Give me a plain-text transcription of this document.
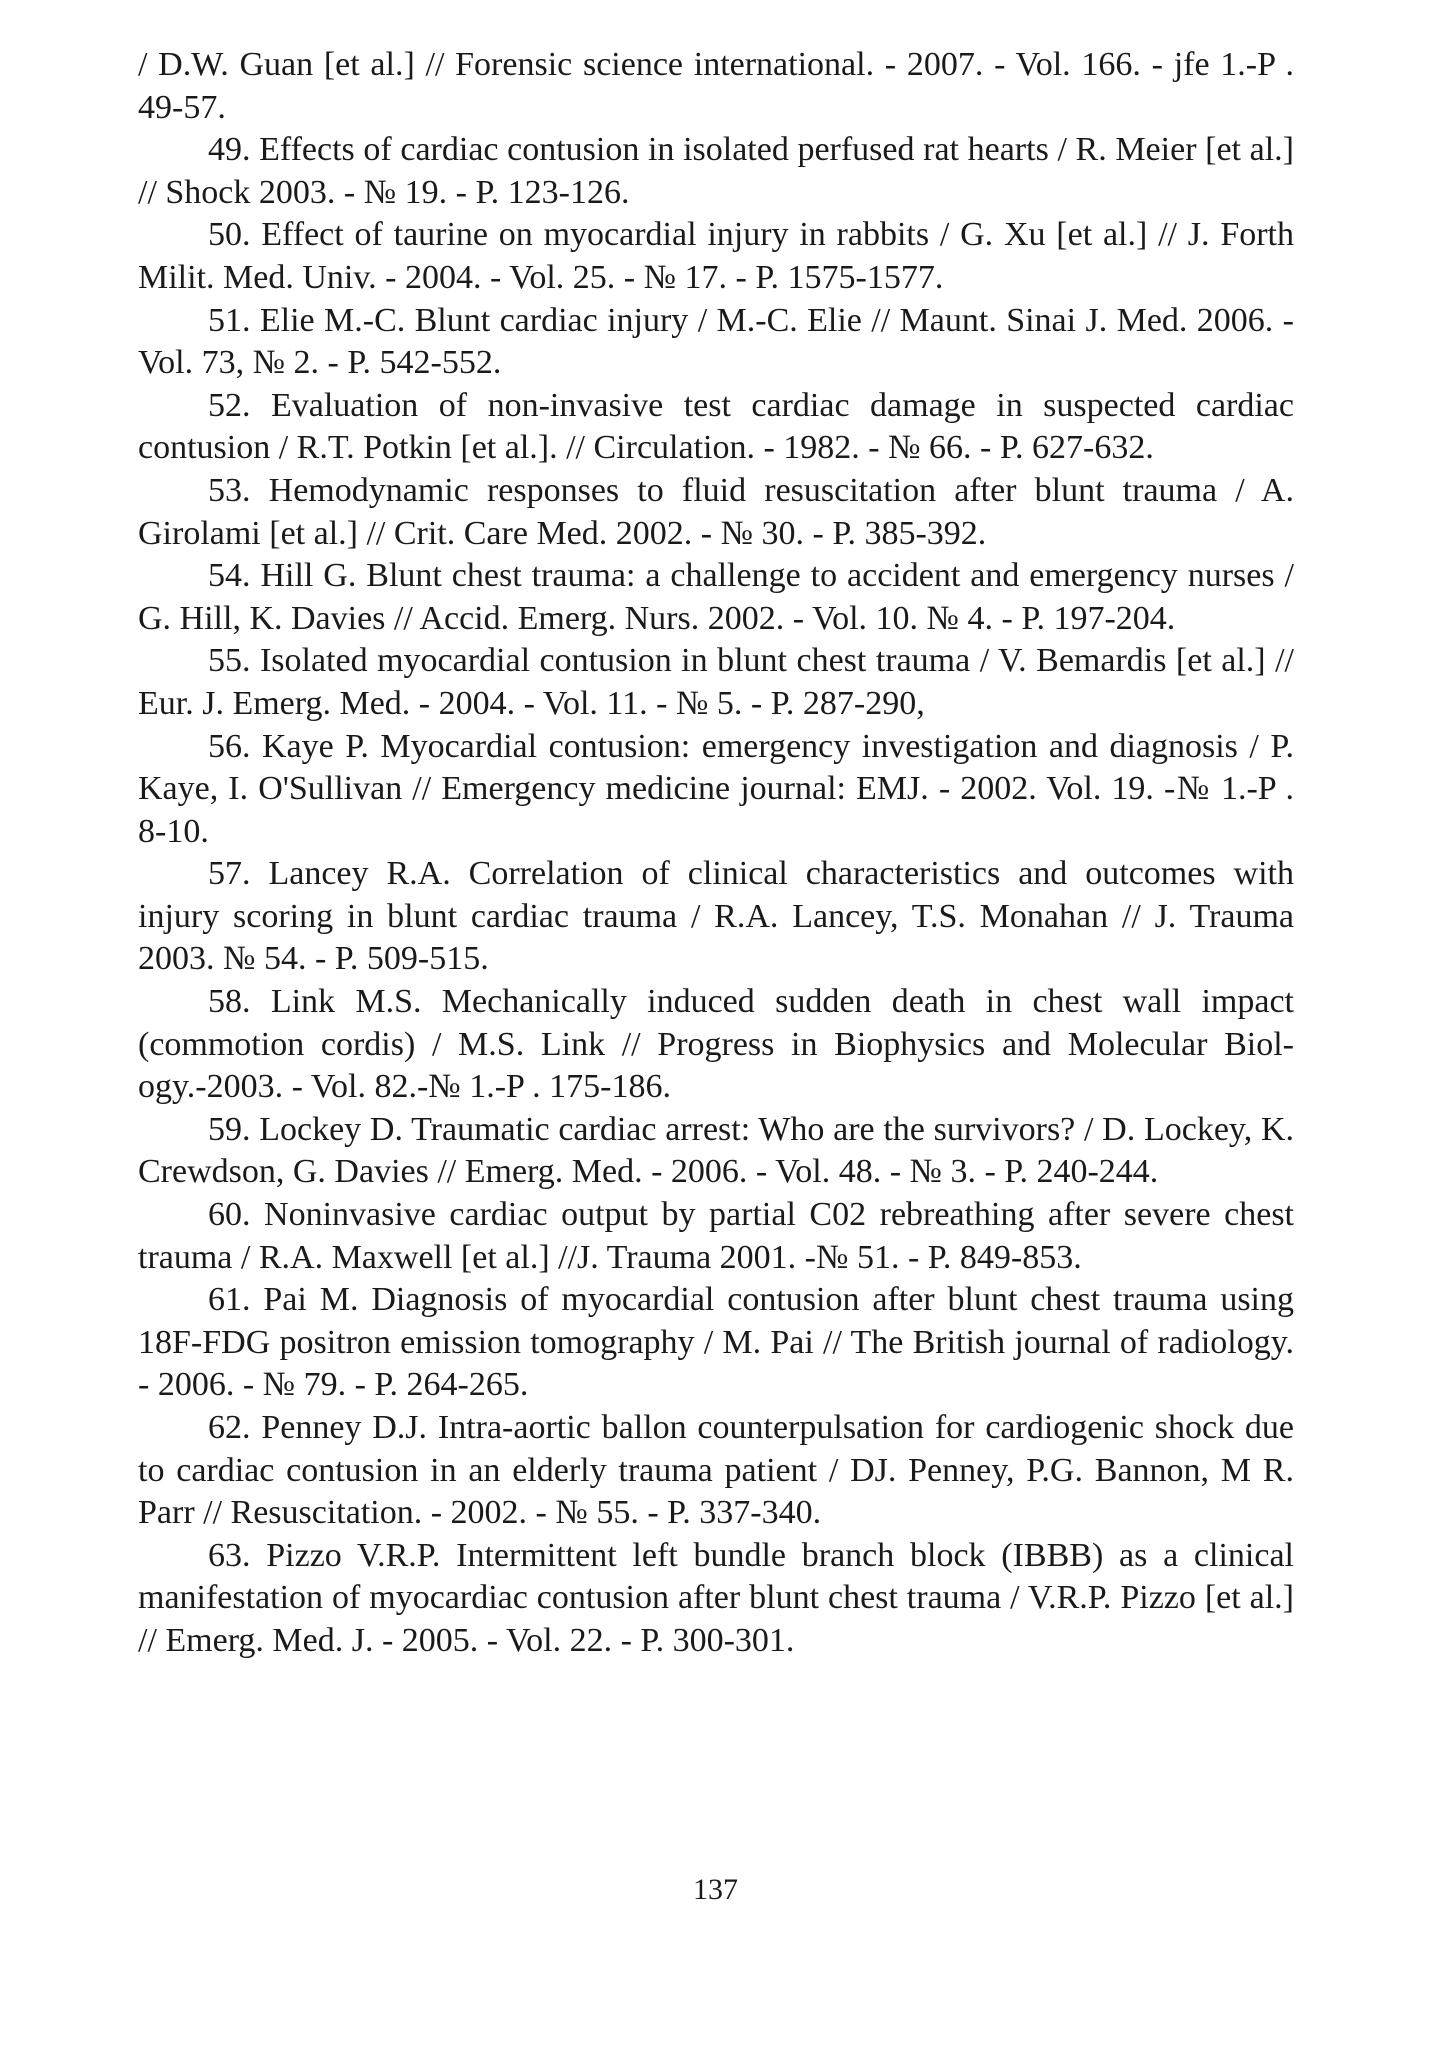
/ D.W. Guan [et al.] // Forensic science international. - 2007. - Vol. 166. - jfe 1.-P . 49-57.

49. Effects of cardiac contusion in isolated perfused rat hearts / R. Meier [et al.] // Shock 2003. - № 19. - P. 123-126.

50. Effect of taurine on myocardial injury in rabbits / G. Xu [et al.] // J. Forth Milit. Med. Univ. - 2004. - Vol. 25. - № 17. - P. 1575-1577.

51. Elie M.-C. Blunt cardiac injury / M.-C. Elie // Maunt. Sinai J. Med. 2006. - Vol. 73, № 2. - P. 542-552.

52. Evaluation of non-invasive test cardiac damage in suspected cardiac contusion / R.T. Potkin [et al.]. // Circulation. - 1982. - № 66. - P. 627-632.

53. Hemodynamic responses to fluid resuscitation after blunt trauma / A. Girolami [et al.] // Crit. Care Med. 2002. - № 30. - P. 385-392.

54. Hill G. Blunt chest trauma: a challenge to accident and emergency nurses / G. Hill, K. Davies // Accid. Emerg. Nurs. 2002. - Vol. 10. № 4. - P. 197-204.

55. Isolated myocardial contusion in blunt chest trauma / V. Bemardis [et al.] // Eur. J. Emerg. Med. - 2004. - Vol. 11. - № 5. - P. 287-290,

56. Kaye P. Myocardial contusion: emergency investigation and diagnosis / P. Kaye, I. O'Sullivan // Emergency medicine journal: EMJ. - 2002. Vol. 19. -№ 1.-P . 8-10.

57. Lancey R.A. Correlation of clinical characteristics and outcomes with injury scoring in blunt cardiac trauma / R.A. Lancey, T.S. Monahan // J. Trauma 2003. № 54. - P. 509-515.

58. Link M.S. Mechanically induced sudden death in chest wall impact (commotion cordis) / M.S. Link // Progress in Biophysics and Molecular Biology.-2003. - Vol. 82.-№ 1.-P . 175-186.

59. Lockey D. Traumatic cardiac arrest: Who are the survivors? / D. Lockey, K. Crewdson, G. Davies // Emerg. Med. - 2006. - Vol. 48. - № 3. - P. 240-244.

60. Noninvasive cardiac output by partial C02 rebreathing after severe chest trauma / R.A. Maxwell [et al.] //J. Trauma 2001. -№ 51. - P. 849-853.

61. Pai M. Diagnosis of myocardial contusion after blunt chest trauma using 18F-FDG positron emission tomography / M. Pai // The British journal of radiology. - 2006. - № 79. - P. 264-265.

62. Penney D.J. Intra-aortic ballon counterpulsation for cardiogenic shock due to cardiac contusion in an elderly trauma patient / DJ. Penney, P.G. Bannon, M R. Parr // Resuscitation. - 2002. - № 55. - P. 337-340.

63. Pizzo V.R.P. Intermittent left bundle branch block (IBBB) as a clinical manifestation of myocardiac contusion after blunt chest trauma / V.R.P. Pizzo [et al.] // Emerg. Med. J. - 2005. - Vol. 22. - P. 300-301.

137
